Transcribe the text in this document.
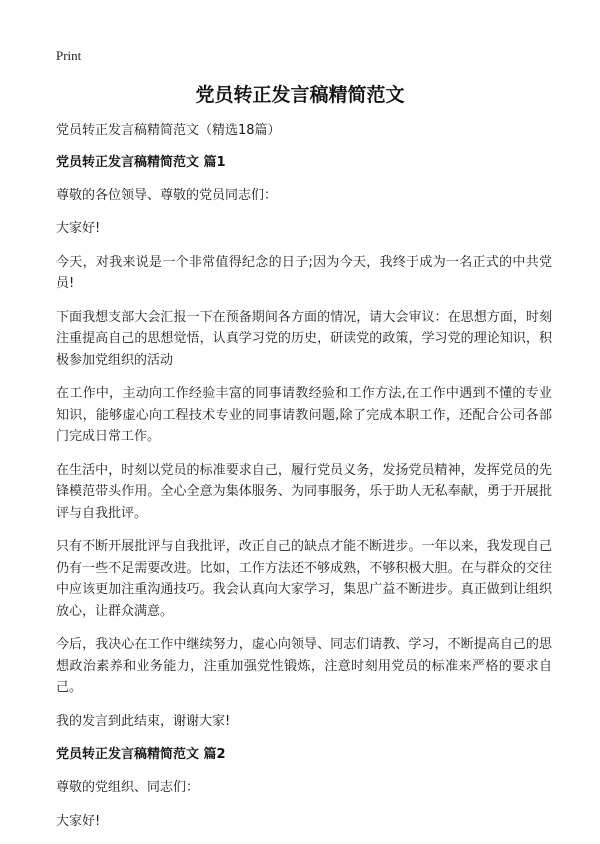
Print
党员转正发言稿精简范文

党员转正发言稿精简范文（精选18篇）

党员转正发言稿精简范文 篇1

尊敬的各位领导、尊敬的党员同志们：

大家好!

今天，对我来说是一个非常值得纪念的日子;因为今天，我终于成为一名正式的中共党员!

下面我想支部大会汇报一下在预备期间各方面的情况，请大会审议：在思想方面，时刻注重提高自己的思想觉悟，认真学习党的历史，研读党的政策，学习党的理论知识，积极参加党组织的活动

在工作中，主动向工作经验丰富的同事请教经验和工作方法,在工作中遇到不懂的专业知识，能够虚心向工程技术专业的同事请教问题,除了完成本职工作，还配合公司各部门完成日常工作。

在生活中，时刻以党员的标准要求自己，履行党员义务，发扬党员精神，发挥党员的先锋模范带头作用。全心全意为集体服务、为同事服务，乐于助人无私奉献，勇于开展批评与自我批评。

只有不断开展批评与自我批评，改正自己的缺点才能不断进步。一年以来，我发现自己仍有一些不足需要改进。比如，工作方法还不够成熟，不够积极大胆。在与群众的交往中应该更加注重沟通技巧。我会认真向大家学习，集思广益不断进步。真正做到让组织放心，让群众满意。

今后，我决心在工作中继续努力，虚心向领导、同志们请教、学习，不断提高自己的思想政治素养和业务能力，注重加强党性锻炼，注意时刻用党员的标准来严格的要求自己。

我的发言到此结束，谢谢大家!

党员转正发言稿精简范文 篇2

尊敬的党组织、同志们：

大家好!
